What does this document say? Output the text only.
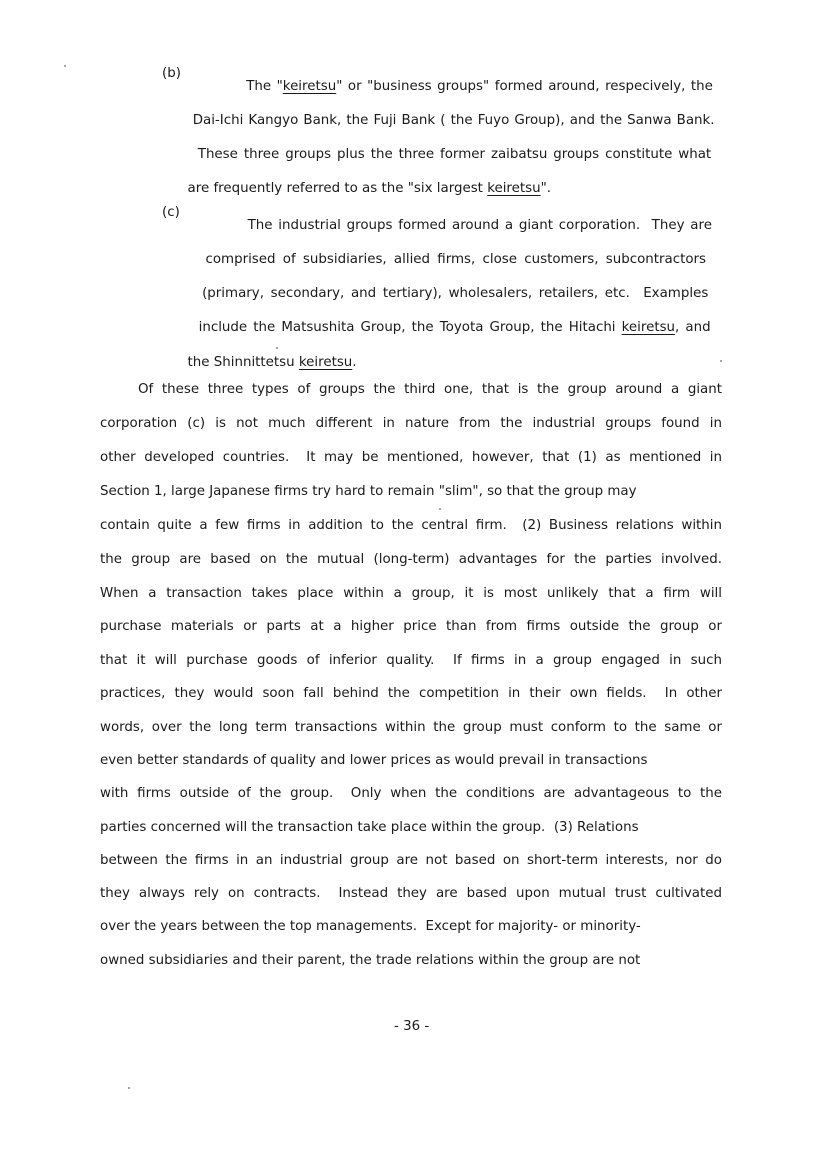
(b)

The "keiretsu" or "business groups" formed around, respecively, the

Dai-Ichi Kangyo Bank, the Fuji Bank ( the Fuyo Group), and the Sanwa Bank.

These three groups plus the three former zaibatsu groups constitute what

are frequently referred to as the "six largest keiretsu".

(c)

The industrial groups formed around a giant corporation.  They are

comprised of subsidiaries, allied firms, close customers, subcontractors

(primary, secondary, and tertiary), wholesalers, retailers, etc.  Examples

include the Matsushita Group, the Toyota Group, the Hitachi keiretsu, and

the Shinnittetsu keiretsu.

Of these three types of groups the third one, that is the group around a giant
corporation (c) is not much different in nature from the industrial groups found in
other developed countries.  It may be mentioned, however, that (1) as mentioned in
Section 1, large Japanese firms try hard to remain "slim", so that the group may
contain quite a few firms in addition to the central firm.  (2) Business relations within
the group are based on the mutual (long-term) advantages for the parties involved.
When a transaction takes place within a group, it is most unlikely that a firm will
purchase materials or parts at a higher price than from firms outside the group or
that it will purchase goods of inferior quality.  If firms in a group engaged in such
practices, they would soon fall behind the competition in their own fields.  In other
words, over the long term transactions within the group must conform to the same or
even better standards of quality and lower prices as would prevail in transactions
with firms outside of the group.  Only when the conditions are advantageous to the
parties concerned will the transaction take place within the group.  (3) Relations
between the firms in an industrial group are not based on short-term interests, nor do
they always rely on contracts.  Instead they are based upon mutual trust cultivated
over the years between the top managements.  Except for majority- or minority-
owned subsidiaries and their parent, the trade relations within the group are not
- 36 -
